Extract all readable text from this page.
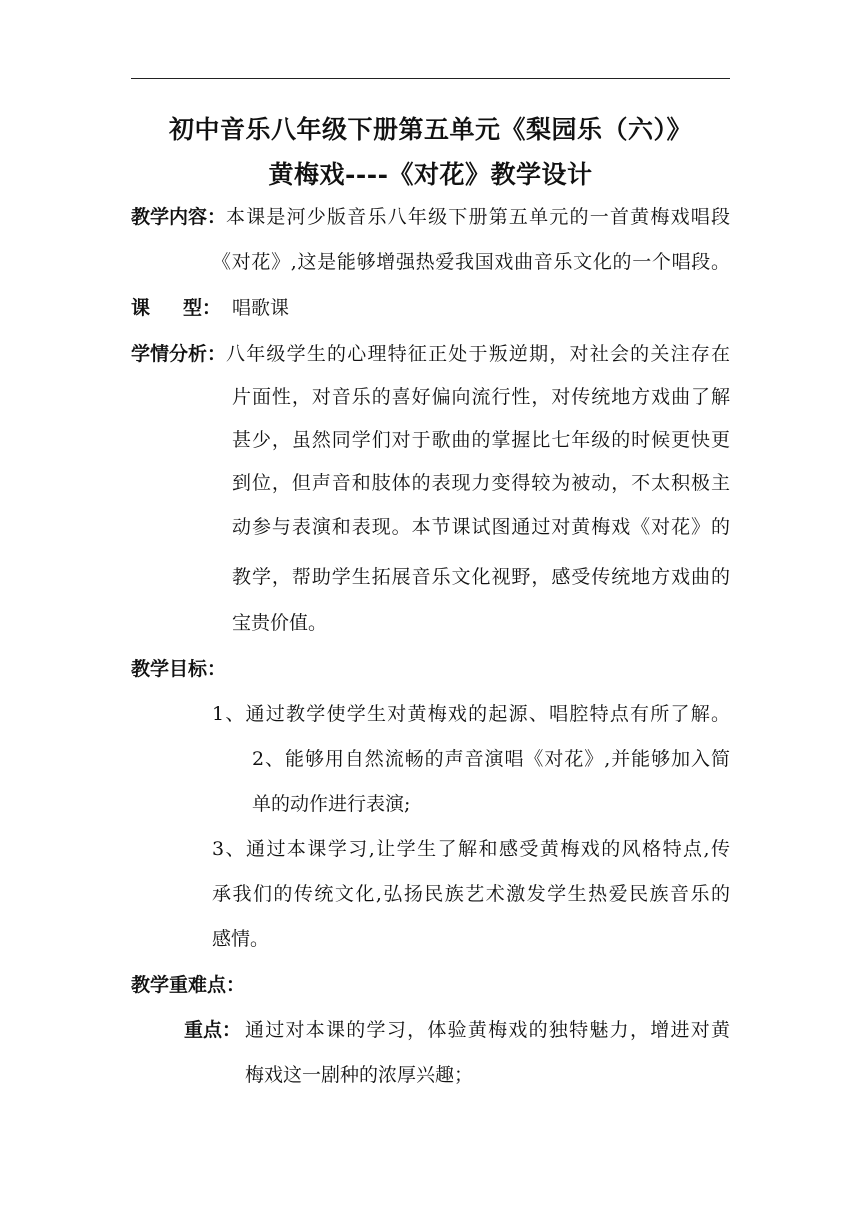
初中音乐八年级下册第五单元《梨园乐（六）》
黄梅戏----《对花》教学设计
教学内容： 本课是河少版音乐八年级下册第五单元的一首黄梅戏唱段
《对花》,这是能够增强热爱我国戏曲音乐文化的一个唱段。
课 型： 唱歌课
学情分析： 八年级学生的心理特征正处于叛逆期，对社会的关注存在
片面性，对音乐的喜好偏向流行性，对传统地方戏曲了解
甚少，虽然同学们对于歌曲的掌握比七年级的时候更快更
到位，但声音和肢体的表现力变得较为被动，不太积极主
动参与表演和表现。本节课试图通过对黄梅戏《对花》的
教学，帮助学生拓展音乐文化视野，感受传统地方戏曲的
宝贵价值。
教学目标：
1、通过教学使学生对黄梅戏的起源、唱腔特点有所了解。
2、能够用自然流畅的声音演唱《对花》,并能够加入简
单的动作进行表演;
3、通过本课学习,让学生了解和感受黄梅戏的风格特点,传
承我们的传统文化,弘扬民族艺术激发学生热爱民族音乐的
感情。
教学重难点：
重点： 通过对本课的学习，体验黄梅戏的独特魅力，增进对黄
梅戏这一剧种的浓厚兴趣；
